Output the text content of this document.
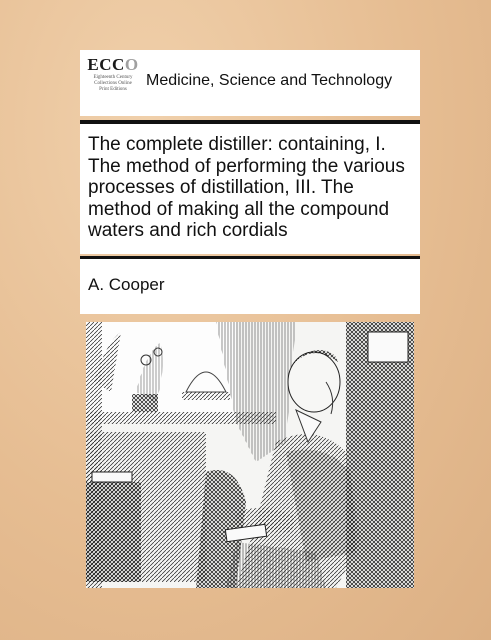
ECCO
Eighteenth Century
Collections Online
Print Editions
Medicine, Science and Technology
The complete distiller: containing, I. The method of performing the various processes of distillation, III. The method of making all the compound waters and rich cordials
A. Cooper
